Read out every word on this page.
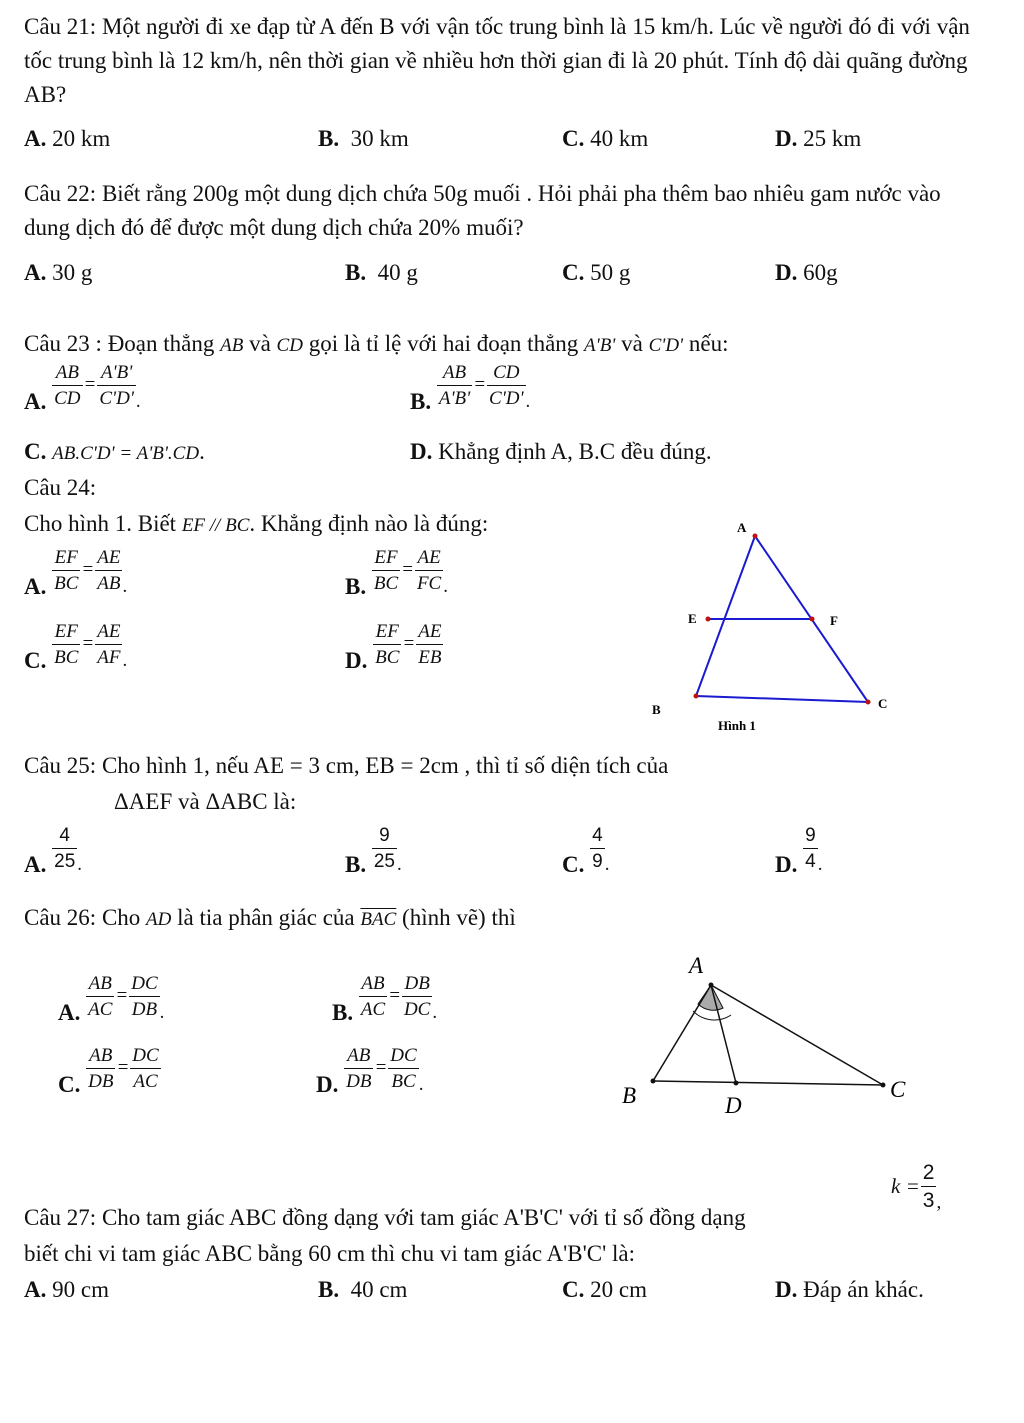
Câu 21: Một người đi xe đạp từ A đến B với vận tốc trung bình là 15 km/h. Lúc về người đó đi với vận tốc trung bình là 12 km/h, nên thời gian về nhiều hơn thời gian đi là 20 phút. Tính độ dài quãng đường AB?
A. 20 km	B. 30 km	C. 40 km	D. 25 km
Câu 22: Biết rằng 200g một dung dịch chứa 50g muối . Hỏi phải pha thêm bao nhiêu gam nước vào dung dịch đó để được một dung dịch chứa 20% muối?
A. 30 g	B. 40 g	C. 50 g	D. 60g
Câu 23 : Đoạn thẳng AB và CD gọi là tỉ lệ với hai đoạn thẳng A'B' và C'D' nếu:
A. $\frac{AB}{CD} = \frac{A'B'}{C'D'} _.$	B. $\frac{AB}{A'B'} = \frac{CD}{C'D'} _.$
C. AB.C'D' = A'B'.CD.	D. Khẳng định A, B.C đều đúng.
Câu 24:
Cho hình 1. Biết EF // BC. Khẳng định nào là đúng:
A. $\frac{EF}{BC} = \frac{AE}{AB} _.$	B. $\frac{EF}{BC} = \frac{AE}{FC} _.$
C. $\frac{EF}{BC} = \frac{AE}{AF} _.$	D. $\frac{EF}{BC} = \frac{AE}{EB}$
A
E	F
B	C
Hình 1
Câu 25: Cho hình 1, nếu AE = 3 cm, EB = 2cm , thì tỉ số diện tích của
ΔAEF và ΔABC là:
A. $\frac{4}{25} _.$	B. $\frac{9}{25} _.$	C. $\frac{4}{9} _.$	D. $\frac{9}{4} _.$
Câu 26: Cho AD là tia phân giác của $\overline{BAC}$ (hình vẽ) thì
A. $\frac{AB}{AC} = \frac{DC}{DB} _.$	B. $\frac{AB}{AC} = \frac{DB}{DC} _.$
C. $\frac{AB}{DB} = \frac{DC}{AC}$	D. $\frac{AB}{DB} = \frac{DC}{BC} _.$
A
B	C
D
Câu 27: Cho tam giác ABC đồng dạng với tam giác A'B'C' với tỉ số đồng dạng
$k = \frac{2}{3} _,$
biết chi vi tam giác ABC bằng 60 cm thì chu vi tam giác A'B'C' là:
A. 90 cm	B. 40 cm	C. 20 cm	D. Đáp án khác.
